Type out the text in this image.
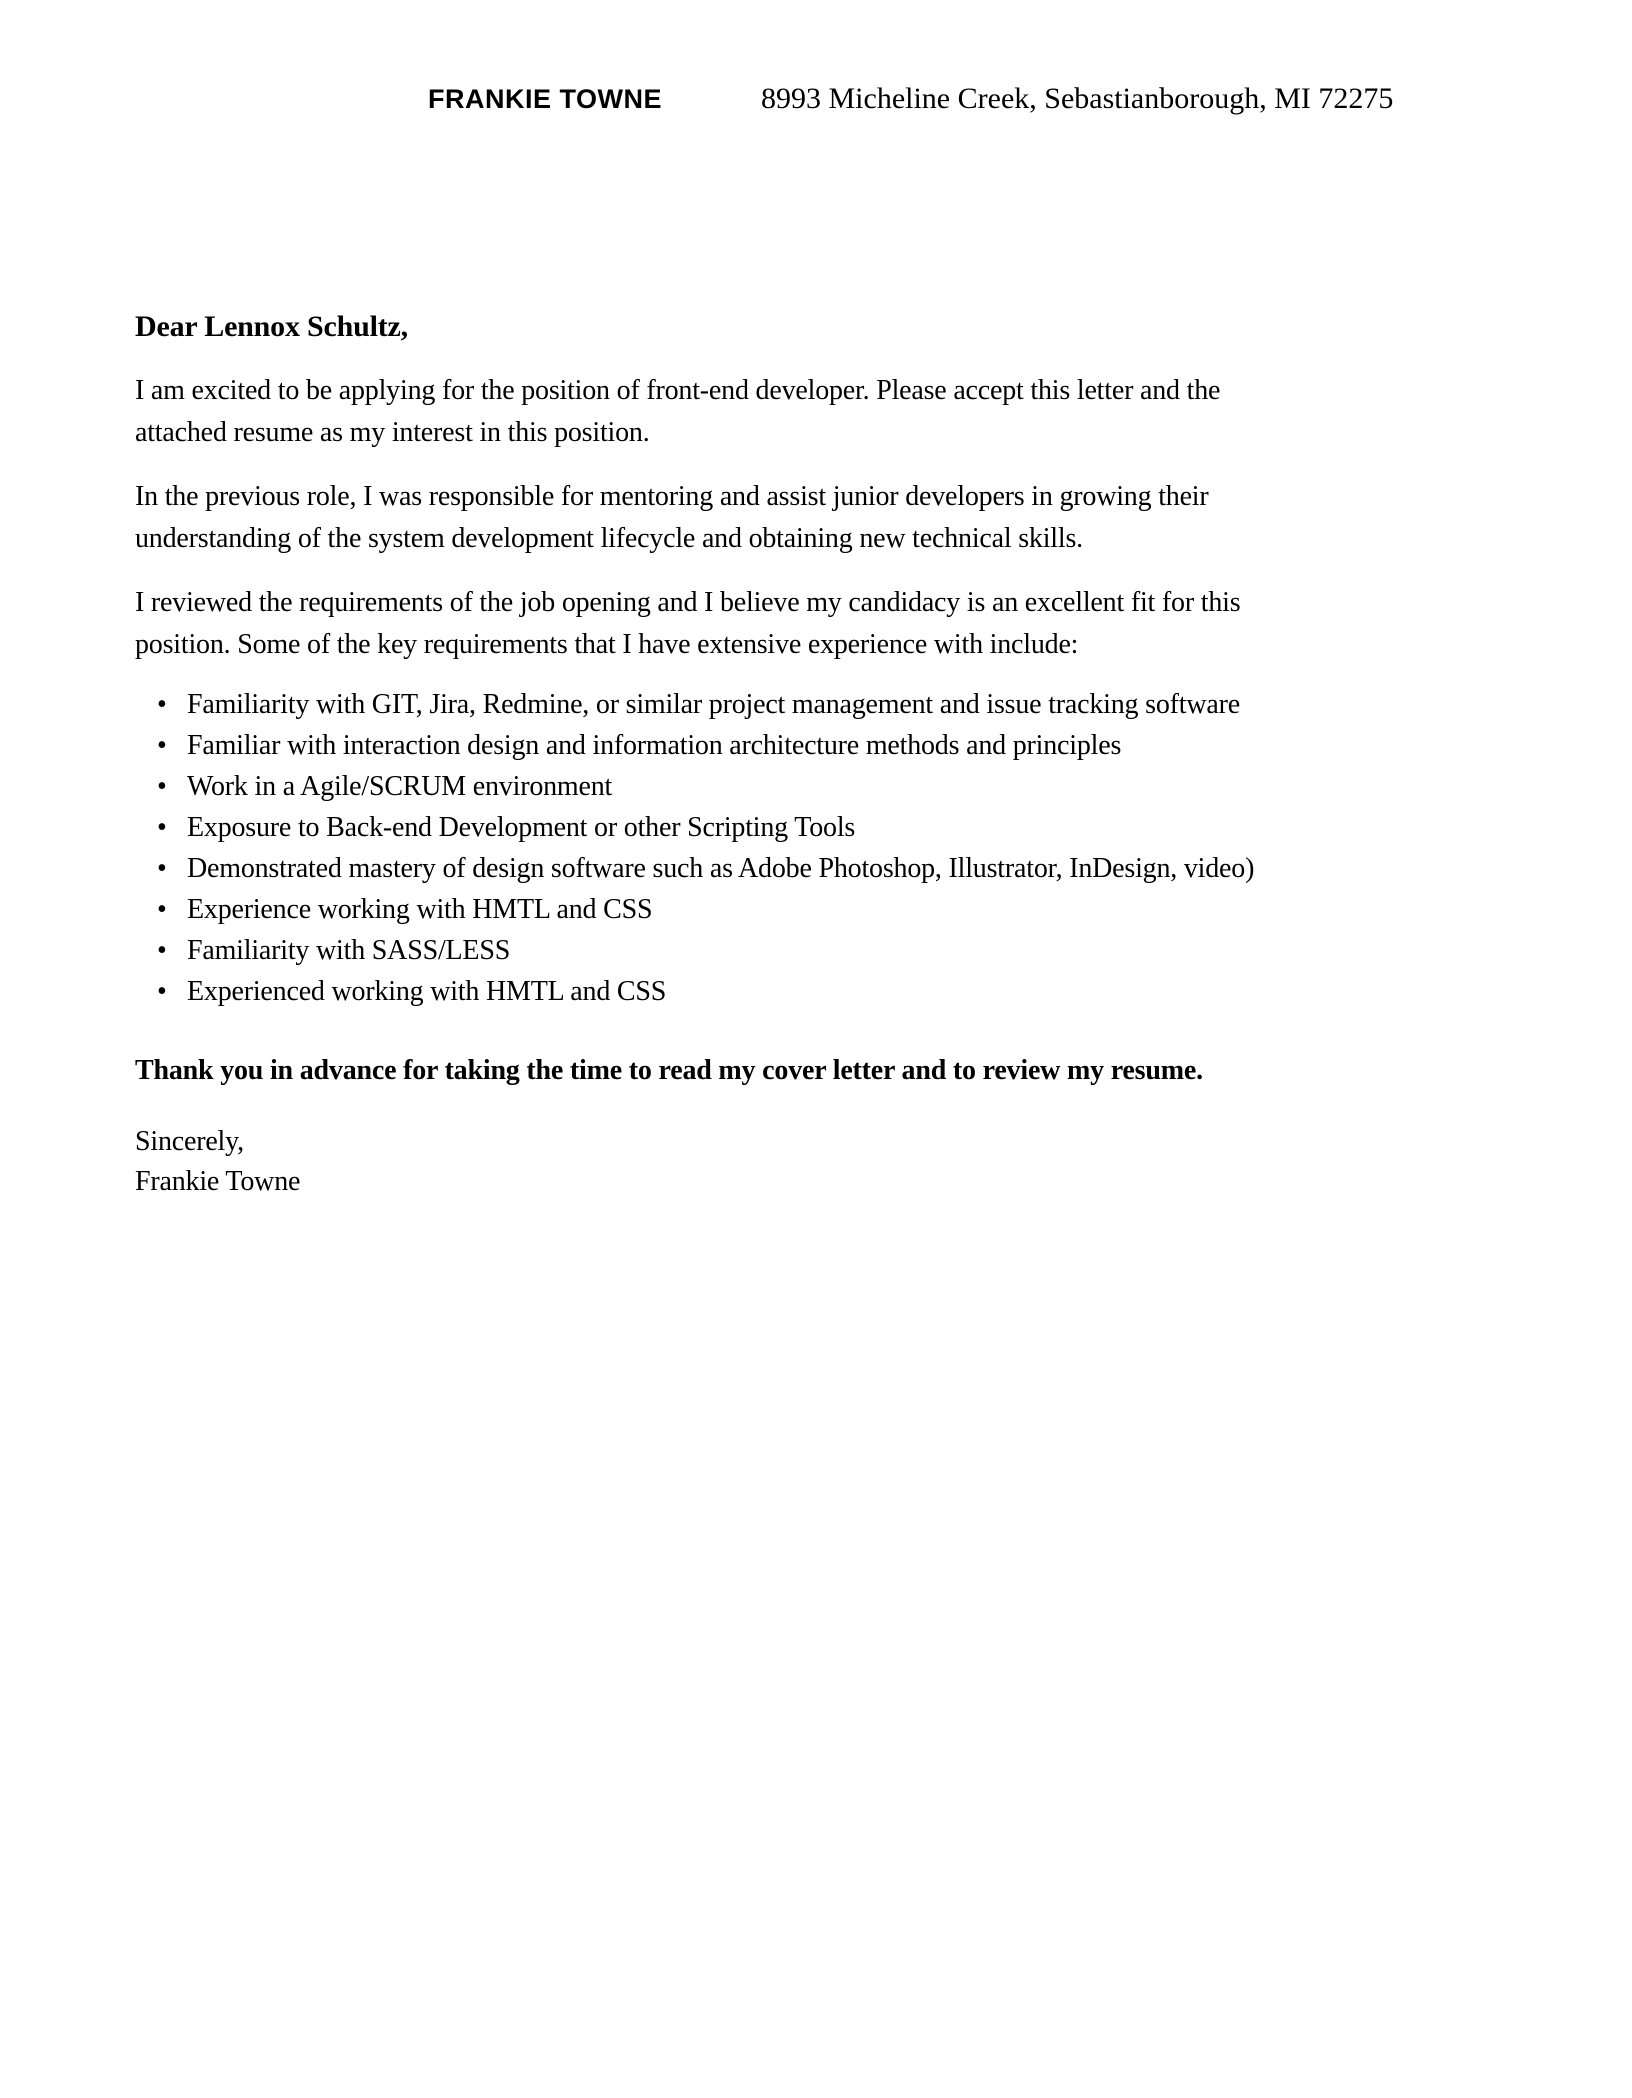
FRANKIE TOWNE	8993 Micheline Creek, Sebastianborough, MI 72275
Dear Lennox Schultz,
I am excited to be applying for the position of front-end developer. Please accept this letter and the
attached resume as my interest in this position.
In the previous role, I was responsible for mentoring and assist junior developers in growing their
understanding of the system development lifecycle and obtaining new technical skills.
I reviewed the requirements of the job opening and I believe my candidacy is an excellent fit for this
position. Some of the key requirements that I have extensive experience with include:
• Familiarity with GIT, Jira, Redmine, or similar project management and issue tracking software
• Familiar with interaction design and information architecture methods and principles
• Work in a Agile/SCRUM environment
• Exposure to Back-end Development or other Scripting Tools
• Demonstrated mastery of design software such as Adobe Photoshop, Illustrator, InDesign, video)
• Experience working with HMTL and CSS
• Familiarity with SASS/LESS
• Experienced working with HMTL and CSS
Thank you in advance for taking the time to read my cover letter and to review my resume.
Sincerely,
Frankie Towne
